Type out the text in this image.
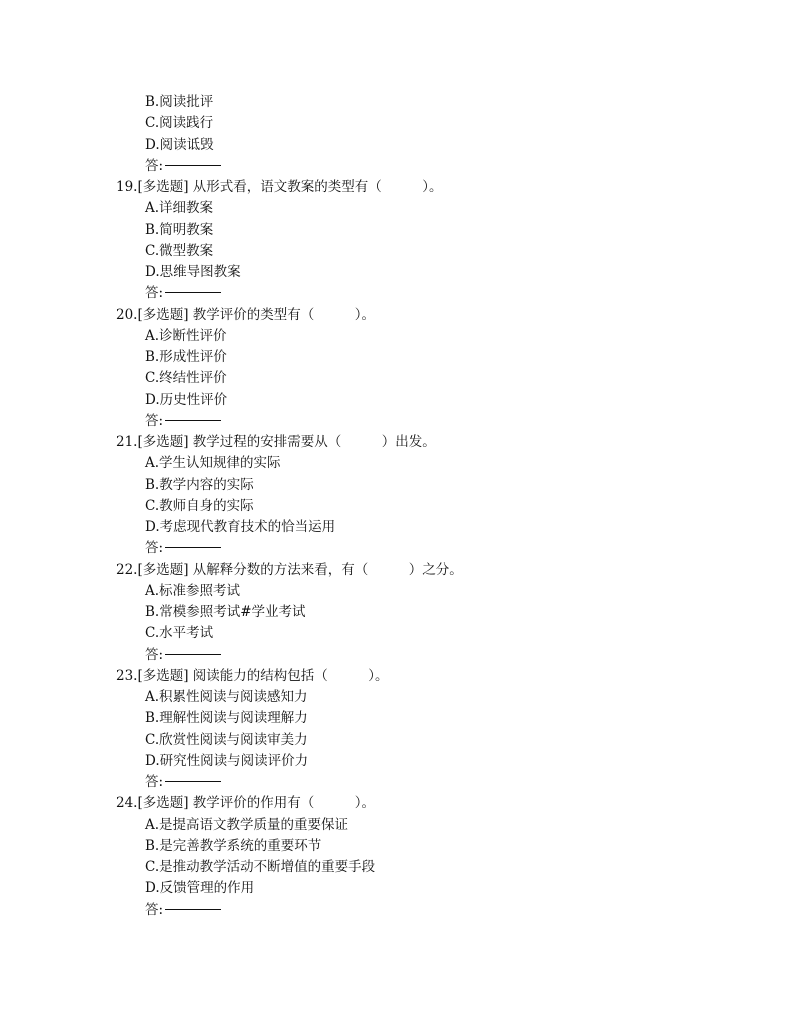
B.阅读批评
C.阅读践行
D.阅读诋毁
答:
19.[多选题] 从形式看，语文教案的类型有（　　　）。
A.详细教案
B.简明教案
C.微型教案
D.思维导图教案
答:
20.[多选题] 教学评价的类型有（　　　）。
A.诊断性评价
B.形成性评价
C.终结性评价
D.历史性评价
答:
21.[多选题] 教学过程的安排需要从（　　　）出发。
A.学生认知规律的实际
B.教学内容的实际
C.教师自身的实际
D.考虑现代教育技术的恰当运用
答:
22.[多选题] 从解释分数的方法来看，有（　　　）之分。
A.标准参照考试
B.常模参照考试#学业考试
C.水平考试
答:
23.[多选题] 阅读能力的结构包括（　　　）。
A.积累性阅读与阅读感知力
B.理解性阅读与阅读理解力
C.欣赏性阅读与阅读审美力
D.研究性阅读与阅读评价力
答:
24.[多选题] 教学评价的作用有（　　　）。
A.是提高语文教学质量的重要保证
B.是完善教学系统的重要环节
C.是推动教学活动不断增值的重要手段
D.反馈管理的作用
答:
